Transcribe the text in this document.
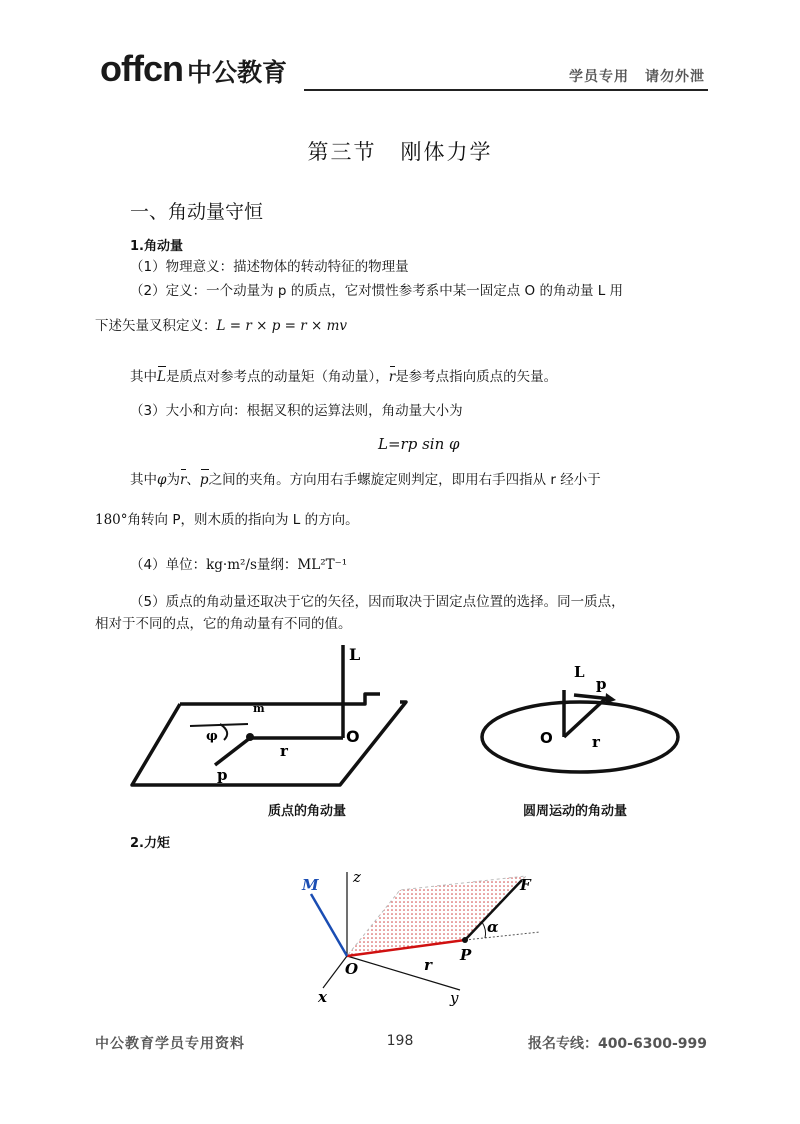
offcn 中公教育	学员专用 请勿外泄
第三节 刚体力学
一、角动量守恒
1.角动量
（1）物理意义：描述物体的转动特征的物理量
（2）定义：一个动量为 p 的质点，它对惯性参考系中某一固定点 O 的角动量 L 用
下述矢量叉积定义：L = r × p = r × mv
其中L是质点对参考点的动量矩（角动量），r是参考点指向质点的矢量。
（3）大小和方向：根据叉积的运算法则，角动量大小为
L=rp sin φ
其中φ为r、p之间的夹角。方向用右手螺旋定则判定，即用右手四指从 r 经小于
180°角转向 P，则木质的指向为 L 的方向。
（4）单位：kg·m²/s量纲：ML²T⁻¹
（5）质点的角动量还取决于它的矢径，因而取决于固定点位置的选择。同一质点，
相对于不同的点，它的角动量有不同的值。
L
m
φ
r
O
p
质点的角动量
L
p
O	r
圆周运动的角动量
2.力矩
M z	F
α
r
P
O
x	y
中公教育学员专用资料	198	报名专线：400-6300-999
